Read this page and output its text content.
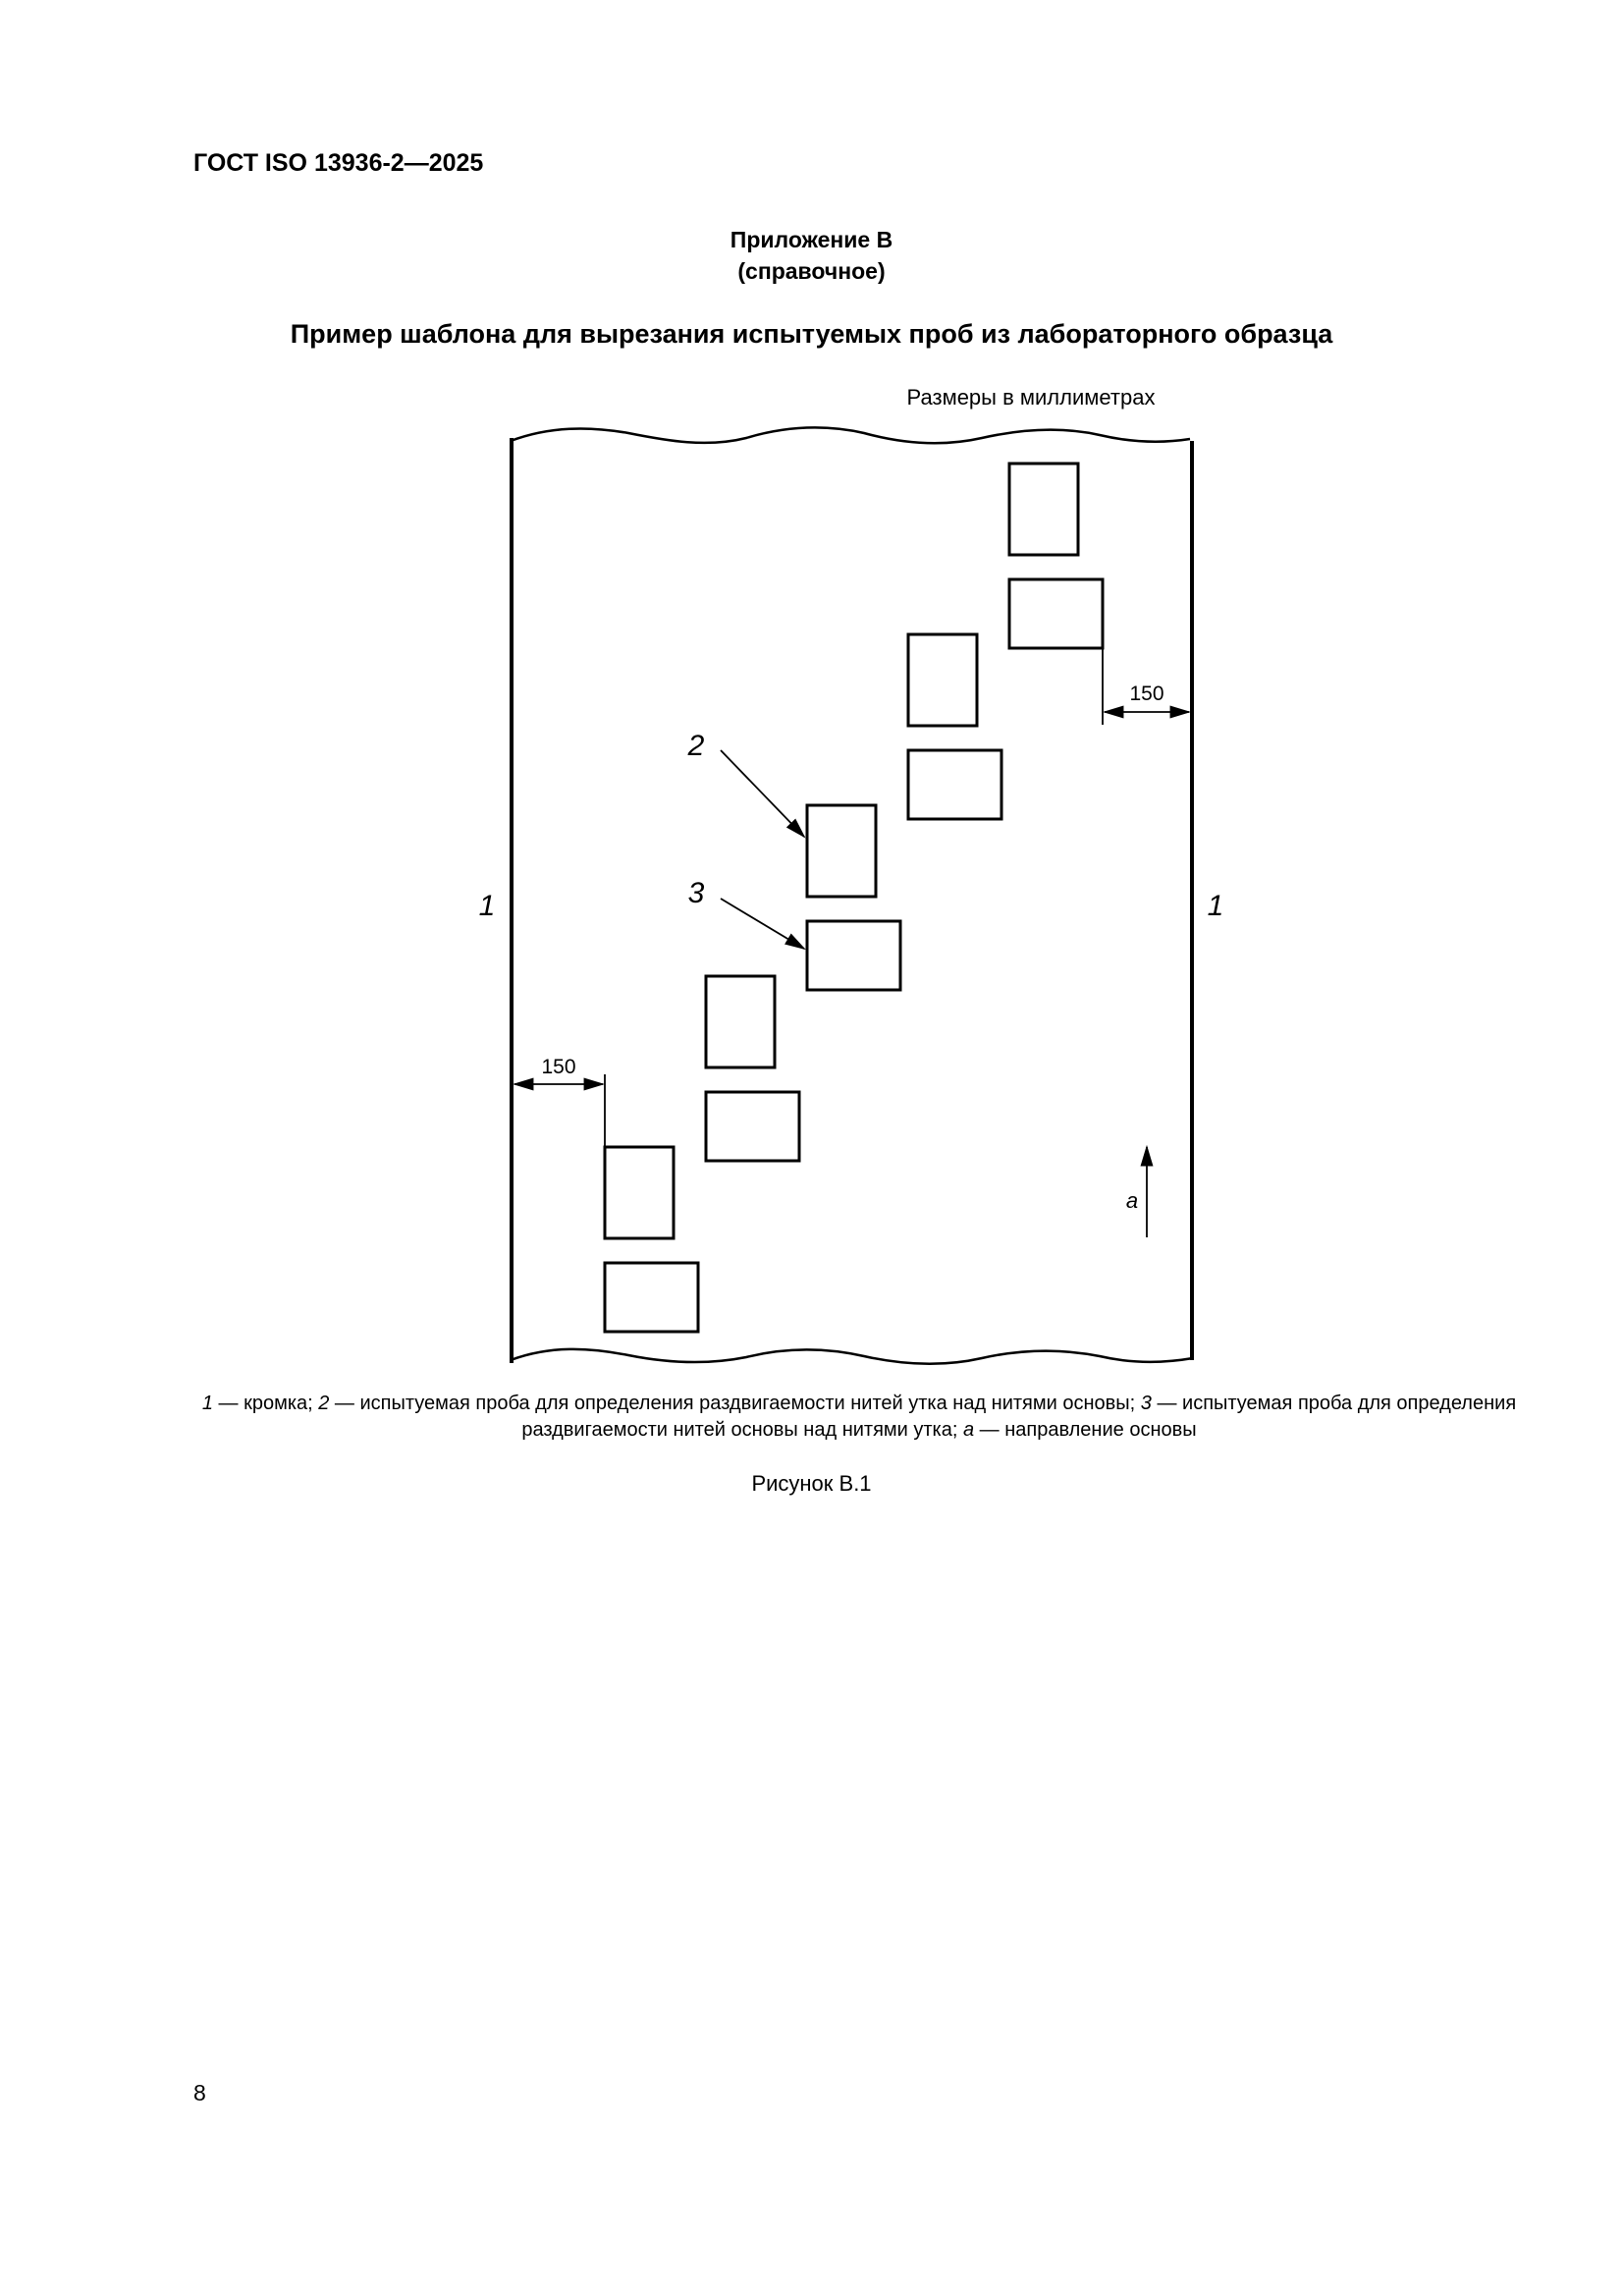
ГОСТ ISO 13936-2—2025
Приложение В
(справочное)
Пример шаблона для вырезания испытуемых проб из лабораторного образца
Размеры в миллиметрах
150
150
2
3
1	1
a
1 — кромка; 2 — испытуемая проба для определения раздвигаемости нитей утка над нитями основы; 3 — испытуемая проба для определения раздвигаемости нитей основы над нитями утка; а — направление основы
Рисунок В.1
8
